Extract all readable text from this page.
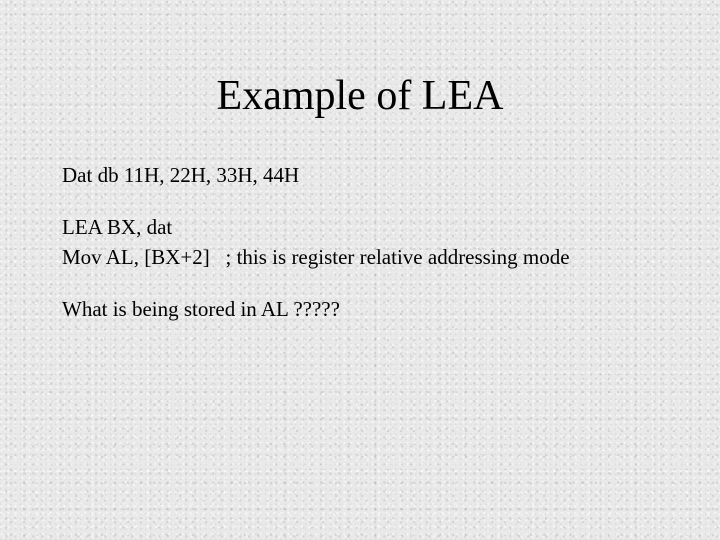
Example of LEA
Dat db 11H, 22H, 33H, 44H
LEA BX, dat
Mov AL, [BX+2]   ; this is register relative addressing mode
What is being stored in AL ?????
